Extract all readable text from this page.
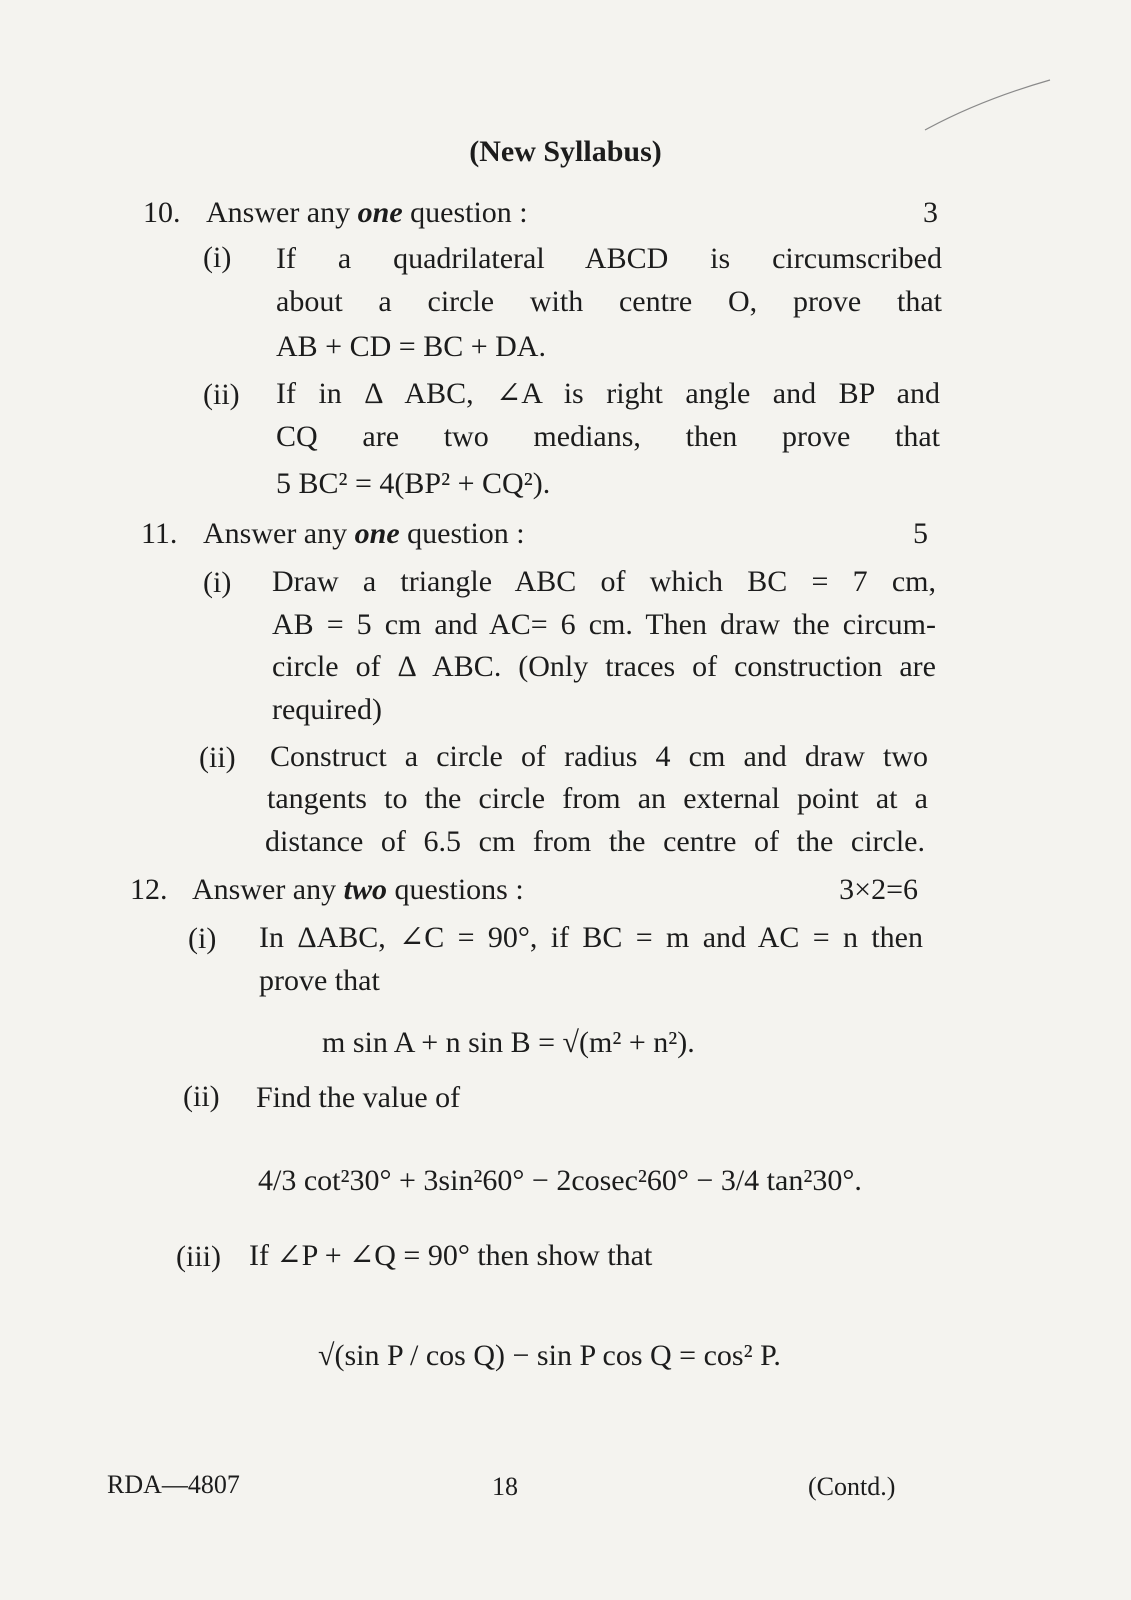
(New Syllabus)
10. Answer any one question :	3
(i) If a quadrilateral ABCD is circumscribed
about a circle with centre O, prove that
AB + CD = BC + DA.
(ii) If in Δ ABC, ∠A is right angle and BP and
CQ are two medians, then prove that
5 BC² = 4(BP² + CQ²).
11. Answer any one question :	5
(i) Draw a triangle ABC of which BC = 7 cm,
AB = 5 cm and AC= 6 cm. Then draw the circum-
circle of Δ ABC. (Only traces of construction are
required)
(ii) Construct a circle of radius 4 cm and draw two
tangents to the circle from an external point at a
distance of 6.5 cm from the centre of the circle.
12. Answer any two questions :	3×2=6
(i) In ΔABC, ∠C = 90°, if BC = m and AC = n then
prove that
m sin A + n sin B = √(m² + n²).
(ii) Find the value of
4/3 cot²30° + 3sin²60° − 2cosec²60° − 3/4 tan²30°.
(iii) If ∠P + ∠Q = 90° then show that
√(sin P / cos Q) − sin P cos Q = cos² P.
RDA—4807	18	(Contd.)
